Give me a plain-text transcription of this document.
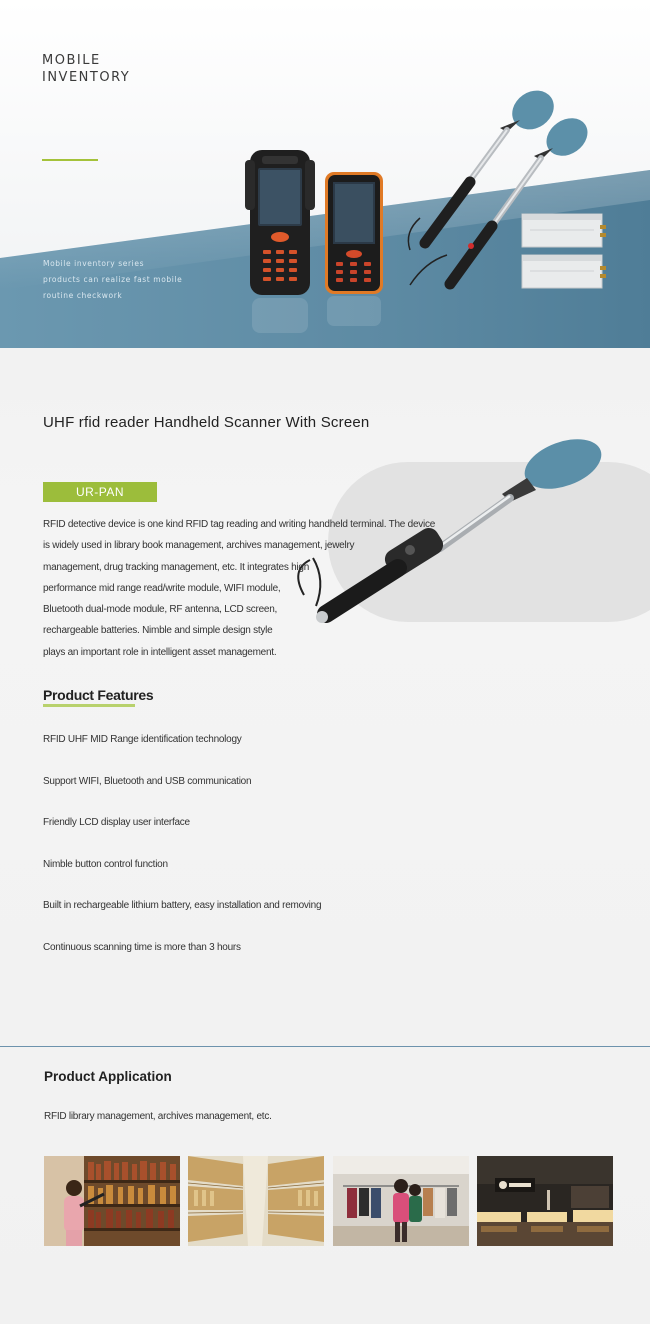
MOBILE
INVENTORY
Mobile inventory series
products can realize fast mobile
routine checkwork
UHF rfid reader Handheld Scanner With Screen
UR-PAN
RFID detective device is one kind RFID tag reading and writing handheld terminal. The device
is widely used in library book management, archives management, jewelry
management, drug tracking management, etc. It integrates high
performance mid range read/write module, WIFI module,
Bluetooth dual-mode module, RF antenna, LCD screen,
rechargeable batteries. Nimble and simple design style
plays an important role in intelligent asset management.
Product Features
RFID UHF MID Range identification technology
Support WIFI, Bluetooth and USB communication
Friendly LCD display user interface
Nimble button control function
Built in rechargeable lithium battery, easy installation and removing
Continuous scanning time is more than 3 hours
Product Application
RFID library management, archives management, etc.
